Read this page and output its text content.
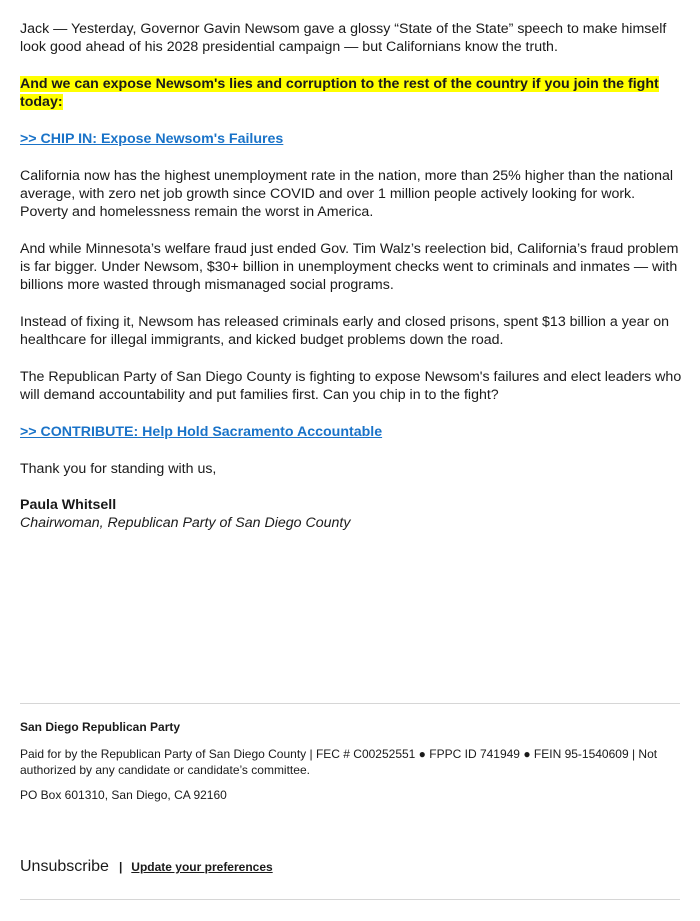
Jack — Yesterday, Governor Gavin Newsom gave a glossy “State of the State” speech to make himself look good ahead of his 2028 presidential campaign — but Californians know the truth.

And we can expose Newsom's lies and corruption to the rest of the country if you join the fight today:

>> CHIP IN: Expose Newsom's Failures

California now has the highest unemployment rate in the nation, more than 25% higher than the national average, with zero net job growth since COVID and over 1 million people actively looking for work. Poverty and homelessness remain the worst in America.

And while Minnesota’s welfare fraud just ended Gov. Tim Walz’s reelection bid, California’s fraud problem is far bigger. Under Newsom, $30+ billion in unemployment checks went to criminals and inmates — with billions more wasted through mismanaged social programs.

Instead of fixing it, Newsom has released criminals early and closed prisons, spent $13 billion a year on healthcare for illegal immigrants, and kicked budget problems down the road.

The Republican Party of San Diego County is fighting to expose Newsom's failures and elect leaders who will demand accountability and put families first. Can you chip in to the fight?

>> CONTRIBUTE: Help Hold Sacramento Accountable

Thank you for standing with us,

Paula Whitsell

Chairwoman, Republican Party of San Diego County

San Diego Republican Party

Paid for by the Republican Party of San Diego County | FEC # C00252551 ● FPPC ID 741949 ● FEIN 95-1540609 | Not authorized by any candidate or candidate’s committee.

PO Box 601310, San Diego, CA 92160

Unsubscribe | Update your preferences
